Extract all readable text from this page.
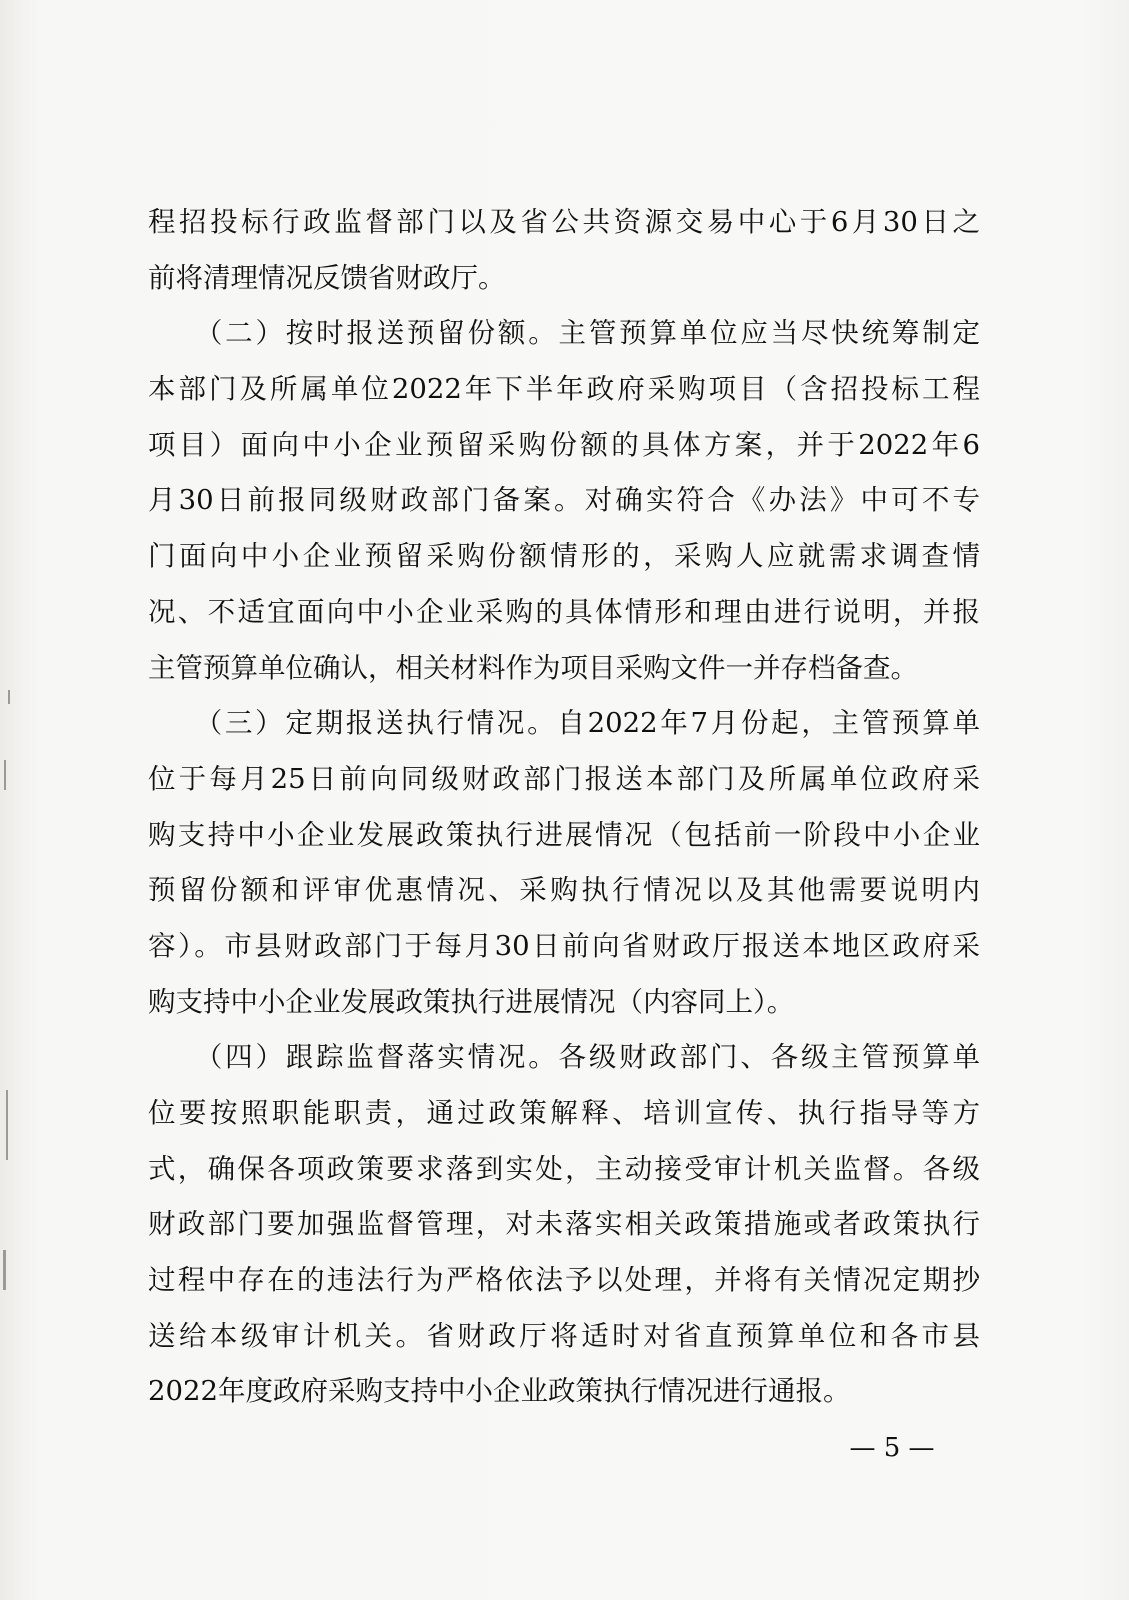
程招投标行政监督部门以及省公共资源交易中心于6月30日之
前将清理情况反馈省财政厅。
　　（二）按时报送预留份额。主管预算单位应当尽快统筹制定
本部门及所属单位2022年下半年政府采购项目（含招投标工程
项目）面向中小企业预留采购份额的具体方案，并于2022年6
月30日前报同级财政部门备案。对确实符合《办法》中可不专
门面向中小企业预留采购份额情形的，采购人应就需求调查情
况、不适宜面向中小企业采购的具体情形和理由进行说明，并报
主管预算单位确认，相关材料作为项目采购文件一并存档备查。
　　（三）定期报送执行情况。自2022年7月份起，主管预算单
位于每月25日前向同级财政部门报送本部门及所属单位政府采
购支持中小企业发展政策执行进展情况（包括前一阶段中小企业
预留份额和评审优惠情况、采购执行情况以及其他需要说明内
容）。市县财政部门于每月30日前向省财政厅报送本地区政府采
购支持中小企业发展政策执行进展情况（内容同上）。
　　（四）跟踪监督落实情况。各级财政部门、各级主管预算单
位要按照职能职责，通过政策解释、培训宣传、执行指导等方
式，确保各项政策要求落到实处，主动接受审计机关监督。各级
财政部门要加强监督管理，对未落实相关政策措施或者政策执行
过程中存在的违法行为严格依法予以处理，并将有关情况定期抄
送给本级审计机关。省财政厅将适时对省直预算单位和各市县
2022年度政府采购支持中小企业政策执行情况进行通报。
— 5 —
